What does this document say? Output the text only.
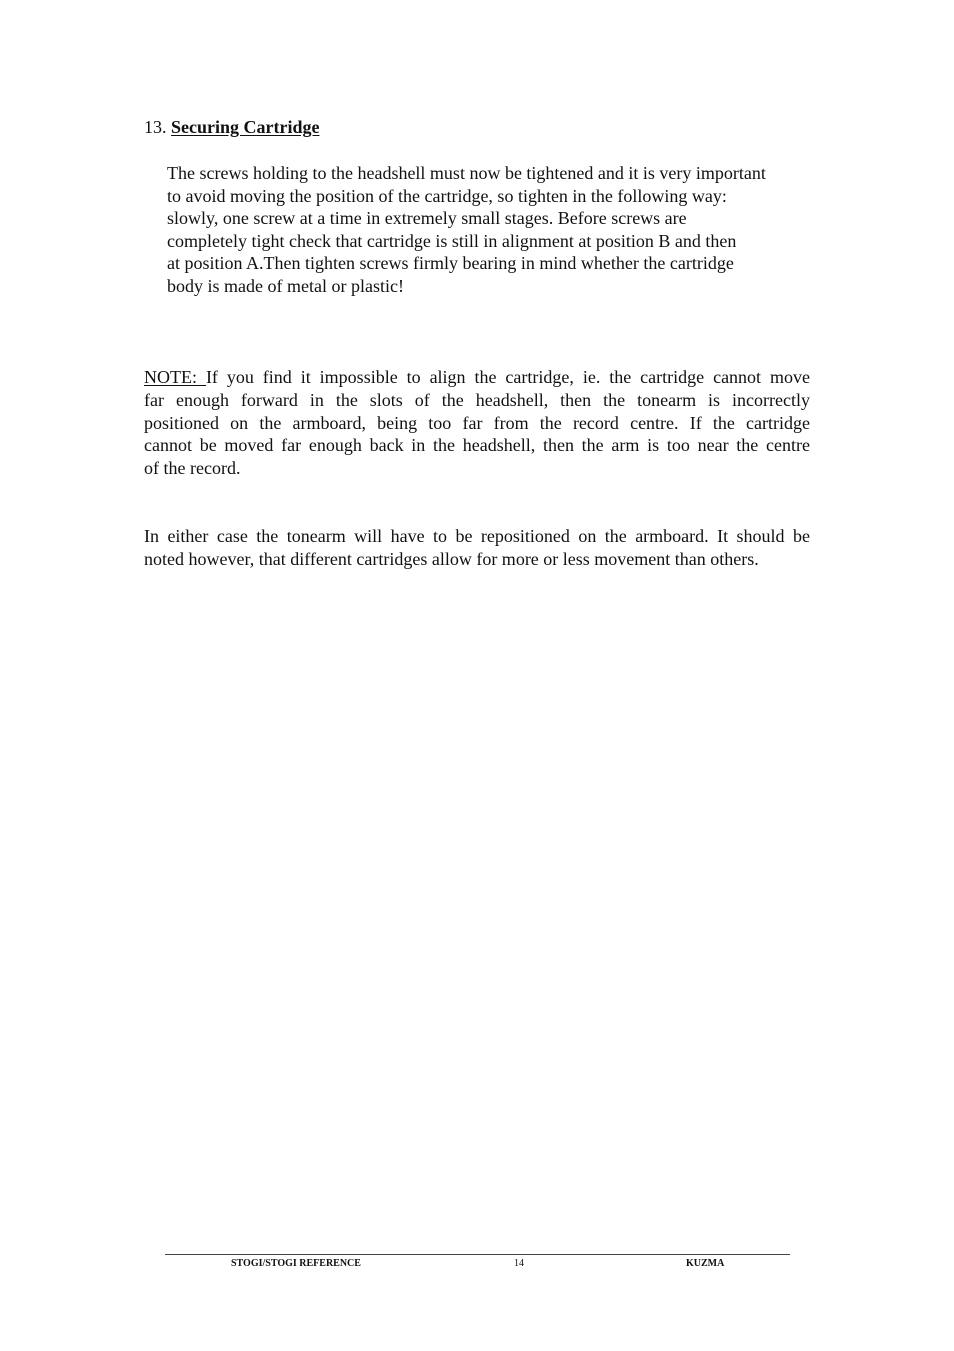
13. Securing Cartridge
The screws holding to the headshell must now be tightened and it is very important
to avoid moving the position of the cartridge, so tighten in the following way:
slowly, one screw at a time in extremely small stages. Before screws are
completely tight check that cartridge is still in alignment at position B and then
at position A.Then tighten screws firmly bearing in mind whether the cartridge
body is made of metal or plastic!
NOTE: If you find it impossible to align the cartridge, ie. the cartridge cannot move
far enough forward in the slots of the headshell, then the tonearm is incorrectly
positioned on the armboard, being too far from the record centre. If the cartridge
cannot be moved far enough back in the headshell, then the arm is too near the centre
of the record.
In either case the tonearm will have to be repositioned on the armboard. It should be
noted however, that different cartridges allow for more or less movement than others.
STOGI/STOGI REFERENCE	14	KUZMA
